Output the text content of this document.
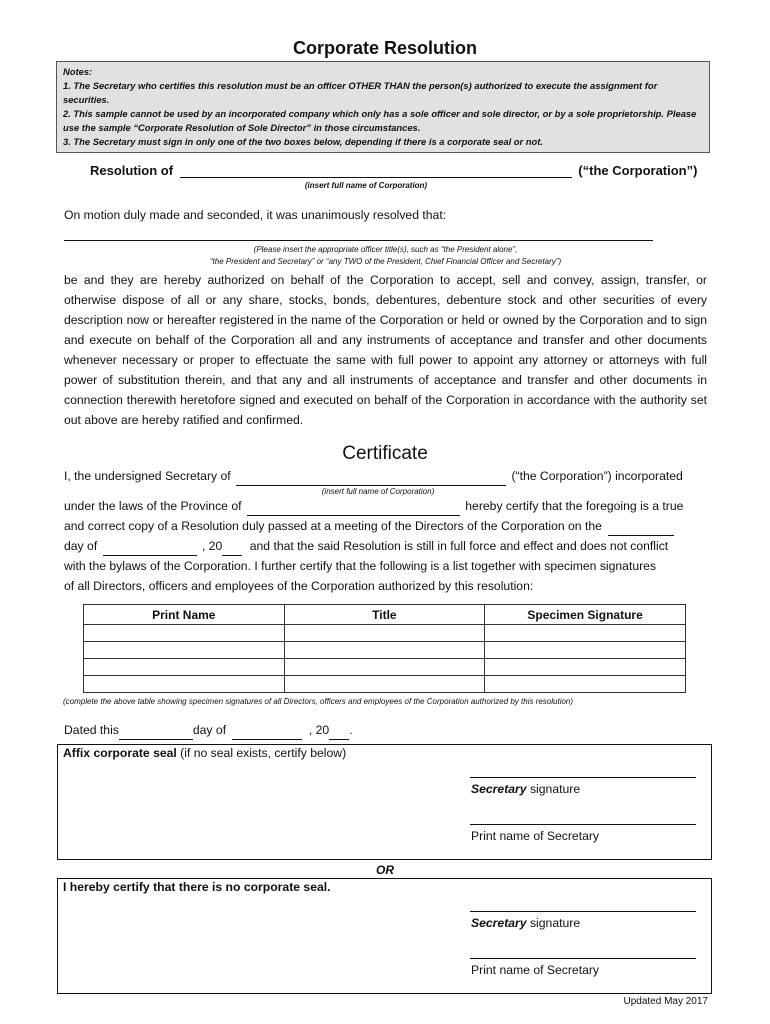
Corporate Resolution

Notes:

1. The Secretary who certifies this resolution must be an officer OTHER THAN the person(s) authorized to execute the assignment for securities.

2. This sample cannot be used by an incorporated company which only has a sole officer and sole director, or by a sole proprietorship. Please use the sample “Corporate Resolution of Sole Director” in those circumstances.

3. The Secretary must sign in only one of the two boxes below, depending if there is a corporate seal or not.

Resolution of	(“the Corporation”)
(insert full name of Corporation)
On motion duly made and seconded, it was unanimously resolved that:
(Please insert the appropriate officer title(s), such as “the President alone”,
“the President and Secretary” or “any TWO of the President, Chief Financial Officer and Secretary”)
be and they are hereby authorized on behalf of the Corporation to accept, sell and convey, assign, transfer, or otherwise dispose of all or any share, stocks, bonds, debentures, debenture stock and other securities of every description now or hereafter registered in the name of the Corporation or held or owned by the Corporation and to sign and execute on behalf of the Corporation all and any instruments of acceptance and transfer and other documents whenever necessary or proper to effectuate the same with full power to appoint any attorney or attorneys with full power of substitution therein, and that any and all instruments of acceptance and transfer and other documents in connection therewith heretofore signed and executed on behalf of the Corporation in accordance with the authority set out above are hereby ratified and confirmed.
Certificate
I, the undersigned Secretary of	(“the Corporation”) incorporated
(insert full name of Corporation)
under the laws of the Province of	hereby certify that the foregoing is a true
and correct copy of a Resolution duly passed at a meeting of the Directors of the Corporation on the
day of	, 20 and that the said Resolution is still in full force and effect and does not conflict
with the bylaws of the Corporation. I further certify that the following is a list together with specimen signatures
of all Directors, officers and employees of the Corporation authorized by this resolution:
Print Name	Title	Specimen Signature

(complete the above table showing specimen signatures of all Directors, officers and employees of the Corporation authorized by this resolution)
Dated this	day of	, 20 .
Affix corporate seal (if no seal exists, certify below)
Secretary signature
Print name of Secretary
OR
I hereby certify that there is no corporate seal.
Secretary signature
Print name of Secretary
Updated May 2017
